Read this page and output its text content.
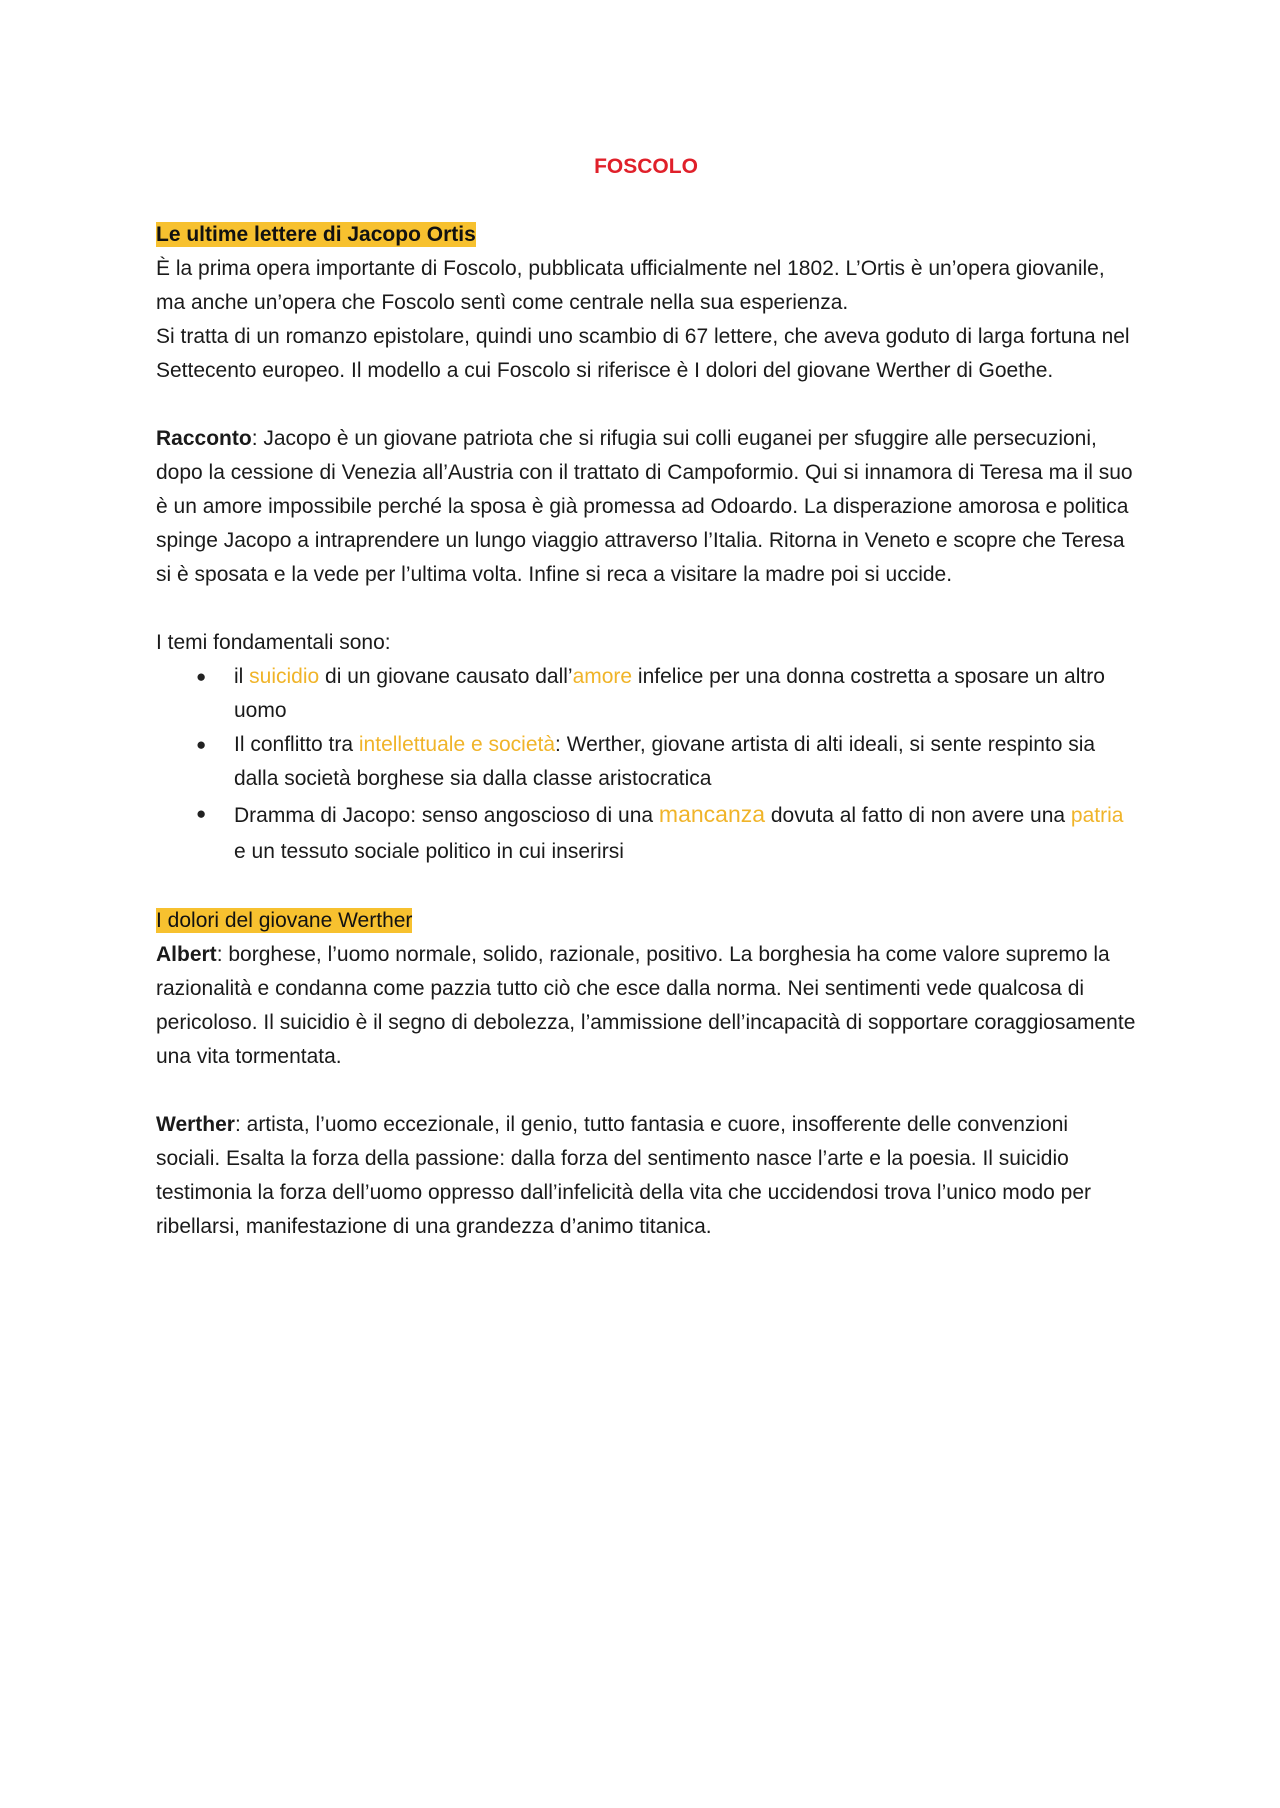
FOSCOLO
Le ultime lettere di Jacopo Ortis

È la prima opera importante di Foscolo, pubblicata ufficialmente nel 1802. L’Ortis è un’opera giovanile, ma anche un’opera che Foscolo sentì come centrale nella sua esperienza.

Si tratta di un romanzo epistolare, quindi uno scambio di 67 lettere, che aveva goduto di larga fortuna nel Settecento europeo. Il modello a cui Foscolo si riferisce è I dolori del giovane Werther di Goethe.

Racconto: Jacopo è un giovane patriota che si rifugia sui colli euganei per sfuggire alle persecuzioni, dopo la cessione di Venezia all’Austria con il trattato di Campoformio. Qui si innamora di Teresa ma il suo è un amore impossibile perché la sposa è già promessa ad Odoardo. La disperazione amorosa e politica spinge Jacopo a intraprendere un lungo viaggio attraverso l’Italia. Ritorna in Veneto e scopre che Teresa si è sposata e la vede per l’ultima volta. Infine si reca a visitare la madre poi si uccide.

I temi fondamentali sono:

● il suicidio di un giovane causato dall’amore infelice per una donna costretta a sposare un altro uomo
● Il conflitto tra intellettuale e società: Werther, giovane artista di alti ideali, si sente respinto sia dalla società borghese sia dalla classe aristocratica
● Dramma di Jacopo: senso angoscioso di una mancanza dovuta al fatto di non avere una patria e un tessuto sociale politico in cui inserirsi
I dolori del giovane Werther

Albert: borghese, l’uomo normale, solido, razionale, positivo. La borghesia ha come valore supremo la razionalità e condanna come pazzia tutto ciò che esce dalla norma. Nei sentimenti vede qualcosa di pericoloso. Il suicidio è il segno di debolezza, l’ammissione dell’incapacità di sopportare coraggiosamente una vita tormentata.

Werther: artista, l’uomo eccezionale, il genio, tutto fantasia e cuore, insofferente delle convenzioni sociali. Esalta la forza della passione: dalla forza del sentimento nasce l’arte e la poesia. Il suicidio testimonia la forza dell’uomo oppresso dall’infelicità della vita che uccidendosi trova l’unico modo per ribellarsi, manifestazione di una grandezza d’animo titanica.
